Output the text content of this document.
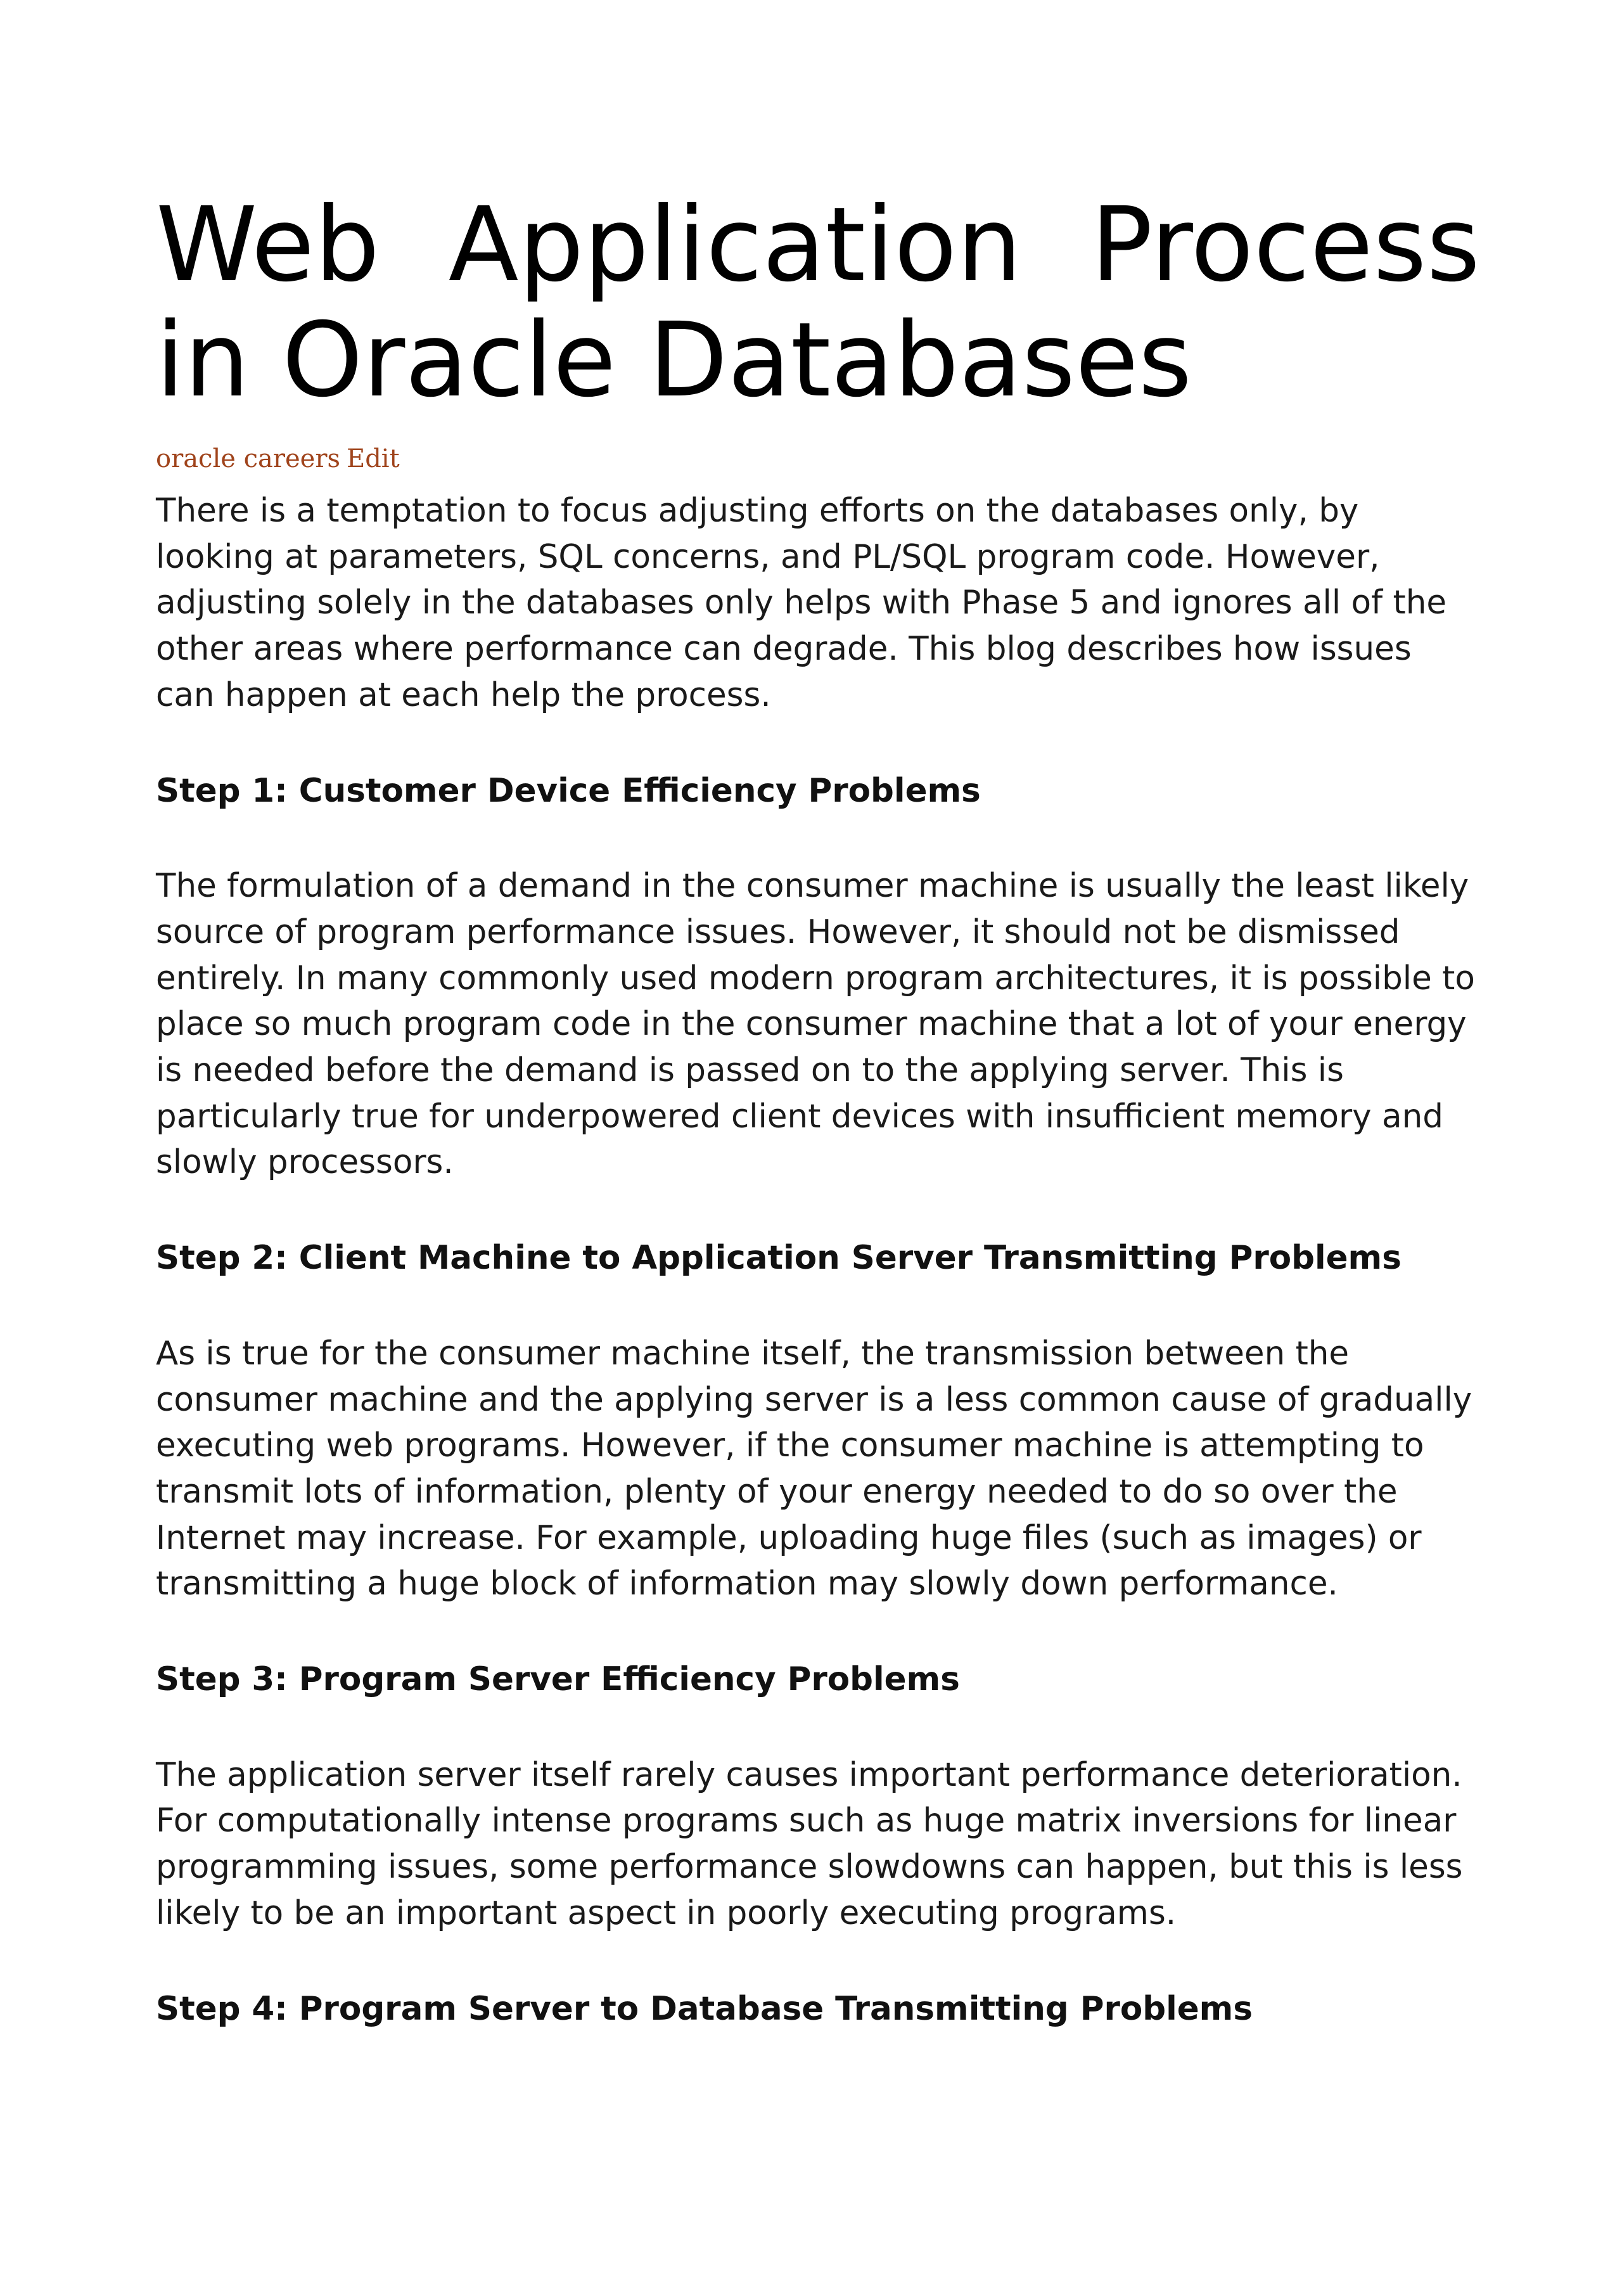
Web Application Process in Oracle Databases
oracle careers Edit

There is a temptation to focus adjusting efforts on the databases only, by looking at parameters, SQL concerns, and PL/SQL program code. However, adjusting solely in the databases only helps with Phase 5 and ignores all of the other areas where performance can degrade. This blog describes how issues can happen at each help the process.

Step 1: Customer Device Efficiency Problems

The formulation of a demand in the consumer machine is usually the least likely source of program performance issues. However, it should not be dismissed entirely. In many commonly used modern program architectures, it is possible to place so much program code in the consumer machine that a lot of your energy is needed before the demand is passed on to the applying server. This is particularly true for underpowered client devices with insufficient memory and slowly processors.

Step 2: Client Machine to Application Server Transmitting Problems

As is true for the consumer machine itself, the transmission between the consumer machine and the applying server is a less common cause of gradually executing web programs. However, if the consumer machine is attempting to transmit lots of information, plenty of your energy needed to do so over the Internet may increase. For example, uploading huge files (such as images) or transmitting a huge block of information may slowly down performance.

Step 3: Program Server Efficiency Problems

The application server itself rarely causes important performance deterioration. For computationally intense programs such as huge matrix inversions for linear programming issues, some performance slowdowns can happen, but this is less likely to be an important aspect in poorly executing programs.

Step 4: Program Server to Database Transmitting Problems
